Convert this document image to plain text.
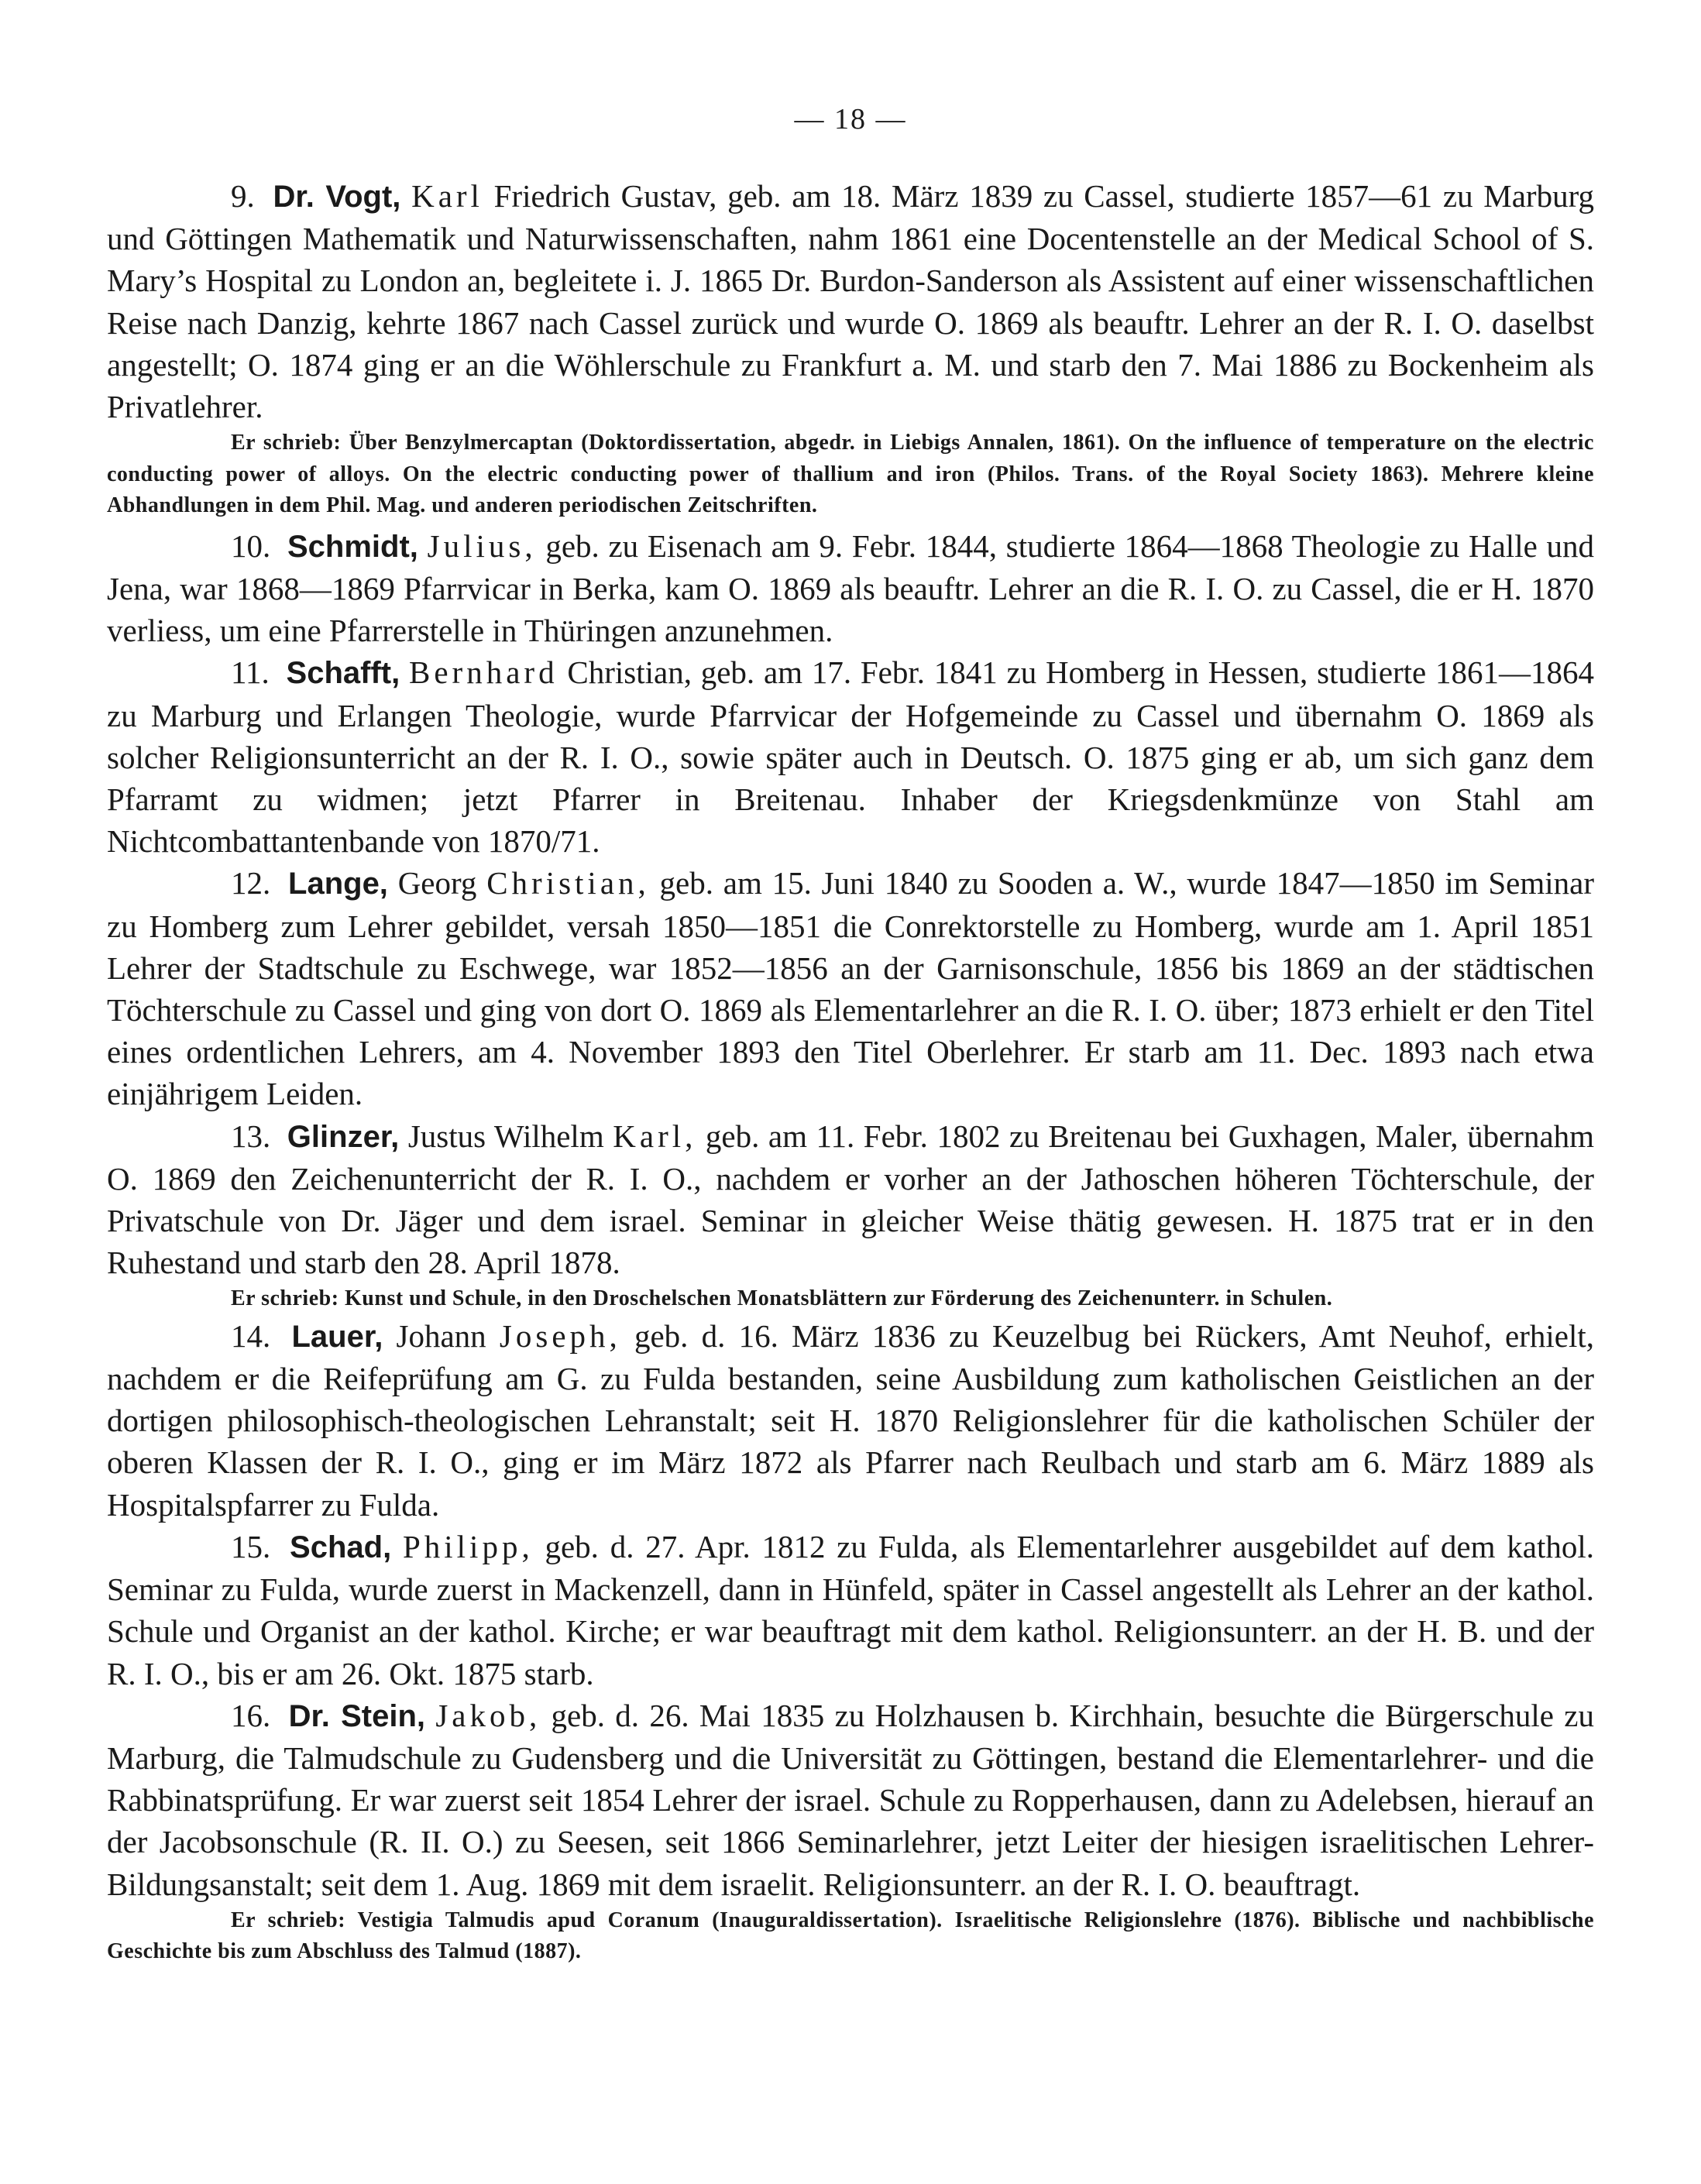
— 18 —

9. Dr. Vogt, Karl Friedrich Gustav, geb. am 18. März 1839 zu Cassel, studierte 1857—61 zu Marburg und Göttingen Mathematik und Naturwissenschaften, nahm 1861 eine Docentenstelle an der Medical School of S. Mary’s Hospital zu London an, begleitete i. J. 1865 Dr. Burdon-Sanderson als Assistent auf einer wissenschaftlichen Reise nach Danzig, kehrte 1867 nach Cassel zurück und wurde O. 1869 als beauftr. Lehrer an der R. I. O. daselbst angestellt; O. 1874 ging er an die Wöhlerschule zu Frankfurt a. M. und starb den 7. Mai 1886 zu Bockenheim als Privatlehrer.

Er schrieb: Über Benzylmercaptan (Doktordissertation, abgedr. in Liebigs Annalen, 1861). On the influence of temperature on the electric conducting power of alloys. On the electric conducting power of thallium and iron (Philos. Trans. of the Royal Society 1863). Mehrere kleine Abhandlungen in dem Phil. Mag. und anderen periodischen Zeitschriften.

10. Schmidt, Julius, geb. zu Eisenach am 9. Febr. 1844, studierte 1864—1868 Theologie zu Halle und Jena, war 1868—1869 Pfarrvicar in Berka, kam O. 1869 als beauftr. Lehrer an die R. I. O. zu Cassel, die er H. 1870 verliess, um eine Pfarrerstelle in Thüringen anzunehmen.

11. Schafft, Bernhard Christian, geb. am 17. Febr. 1841 zu Homberg in Hessen, studierte 1861—1864 zu Marburg und Erlangen Theologie, wurde Pfarrvicar der Hofgemeinde zu Cassel und übernahm O. 1869 als solcher Religionsunterricht an der R. I. O., sowie später auch in Deutsch. O. 1875 ging er ab, um sich ganz dem Pfarramt zu widmen; jetzt Pfarrer in Breitenau. Inhaber der Kriegsdenkmünze von Stahl am Nichtcombattantenbande von 1870/71.

12. Lange, Georg Christian, geb. am 15. Juni 1840 zu Sooden a. W., wurde 1847—1850 im Seminar zu Homberg zum Lehrer gebildet, versah 1850—1851 die Conrektorstelle zu Homberg, wurde am 1. April 1851 Lehrer der Stadtschule zu Eschwege, war 1852—1856 an der Garnisonschule, 1856 bis 1869 an der städtischen Töchterschule zu Cassel und ging von dort O. 1869 als Elementarlehrer an die R. I. O. über; 1873 erhielt er den Titel eines ordentlichen Lehrers, am 4. November 1893 den Titel Oberlehrer. Er starb am 11. Dec. 1893 nach etwa einjährigem Leiden.

13. Glinzer, Justus Wilhelm Karl, geb. am 11. Febr. 1802 zu Breitenau bei Guxhagen, Maler, übernahm O. 1869 den Zeichenunterricht der R. I. O., nachdem er vorher an der Jathoschen höheren Töchterschule, der Privatschule von Dr. Jäger und dem israel. Seminar in gleicher Weise thätig gewesen. H. 1875 trat er in den Ruhestand und starb den 28. April 1878.

Er schrieb: Kunst und Schule, in den Droschelschen Monatsblättern zur Förderung des Zeichenunterr. in Schulen.

14. Lauer, Johann Joseph, geb. d. 16. März 1836 zu Keuzelbug bei Rückers, Amt Neuhof, erhielt, nachdem er die Reifeprüfung am G. zu Fulda bestanden, seine Ausbildung zum katholischen Geistlichen an der dortigen philosophisch-theologischen Lehranstalt; seit H. 1870 Religionslehrer für die katholischen Schüler der oberen Klassen der R. I. O., ging er im März 1872 als Pfarrer nach Reulbach und starb am 6. März 1889 als Hospitalspfarrer zu Fulda.

15. Schad, Philipp, geb. d. 27. Apr. 1812 zu Fulda, als Elementarlehrer ausgebildet auf dem kathol. Seminar zu Fulda, wurde zuerst in Mackenzell, dann in Hünfeld, später in Cassel angestellt als Lehrer an der kathol. Schule und Organist an der kathol. Kirche; er war beauftragt mit dem kathol. Religionsunterr. an der H. B. und der R. I. O., bis er am 26. Okt. 1875 starb.

16. Dr. Stein, Jakob, geb. d. 26. Mai 1835 zu Holzhausen b. Kirchhain, besuchte die Bürgerschule zu Marburg, die Talmudschule zu Gudensberg und die Universität zu Göttingen, bestand die Elementarlehrer- und die Rabbinatsprüfung. Er war zuerst seit 1854 Lehrer der israel. Schule zu Ropperhausen, dann zu Adelebsen, hierauf an der Jacobsonschule (R. II. O.) zu Seesen, seit 1866 Seminarlehrer, jetzt Leiter der hiesigen israelitischen Lehrer-Bildungsanstalt; seit dem 1. Aug. 1869 mit dem israelit. Religionsunterr. an der R. I. O. beauftragt.

Er schrieb: Vestigia Talmudis apud Coranum (Inauguraldissertation). Israelitische Religionslehre (1876). Biblische und nachbiblische Geschichte bis zum Abschluss des Talmud (1887).
